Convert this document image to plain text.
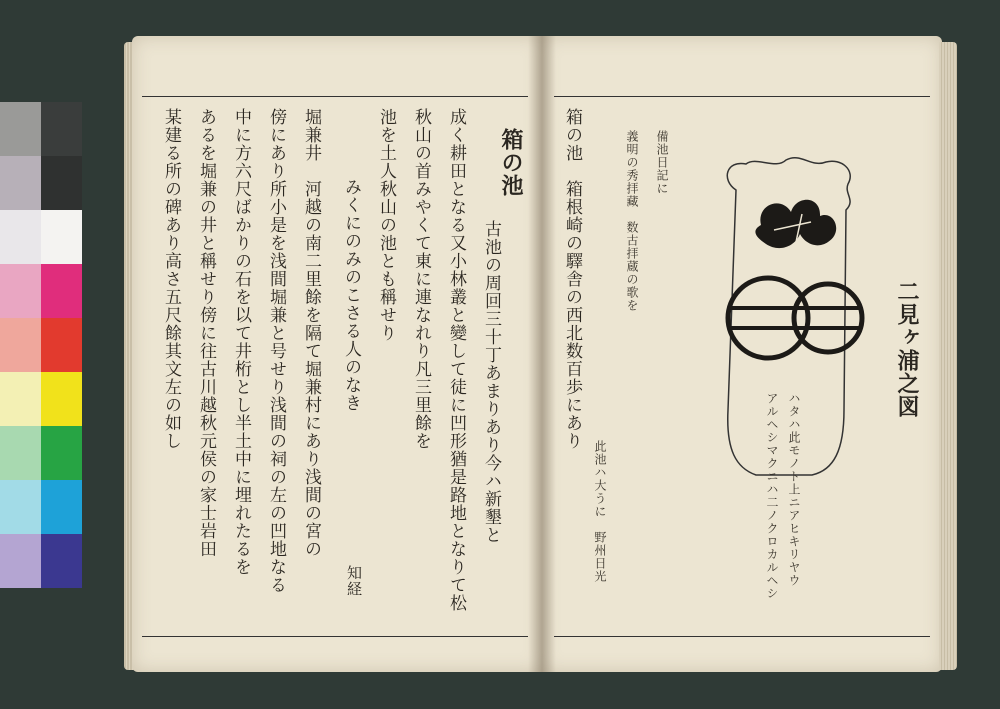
箱の池
古池の周回三十丁あまりあり今ハ新墾と
成く耕田となる又小林叢と變して徒に凹形猶是路地となりて松
秋山の首みやくて東に連なれり凡三里餘を
池を土人秋山の池とも稱せり
みくにのみのこさる人のなき
知経
堀兼井　河越の南二里餘を隔て堀兼村にあり浅間の宮の
傍にあり所小是を浅間堀兼と号せり浅間の祠の左の凹地なる
中に方六尺ばかりの石を以て井桁とし半土中に埋れたるを
あるを堀兼の井と稱せり傍に往古川越秋元侯の家士岩田
某建る所の碑あり高さ五尺餘其文左の如し	箱の池　箱根崎の驛舎の西北数百歩にあり
此池ハ大うに　野州日光
義明の秀拝藏　数古拝蔵の歌を 備池日記に
二見ヶ浦之図
ハタハ此モノト上ニアヒキリヤウ
アルヘシマクニハ二ノクロカルヘシ
